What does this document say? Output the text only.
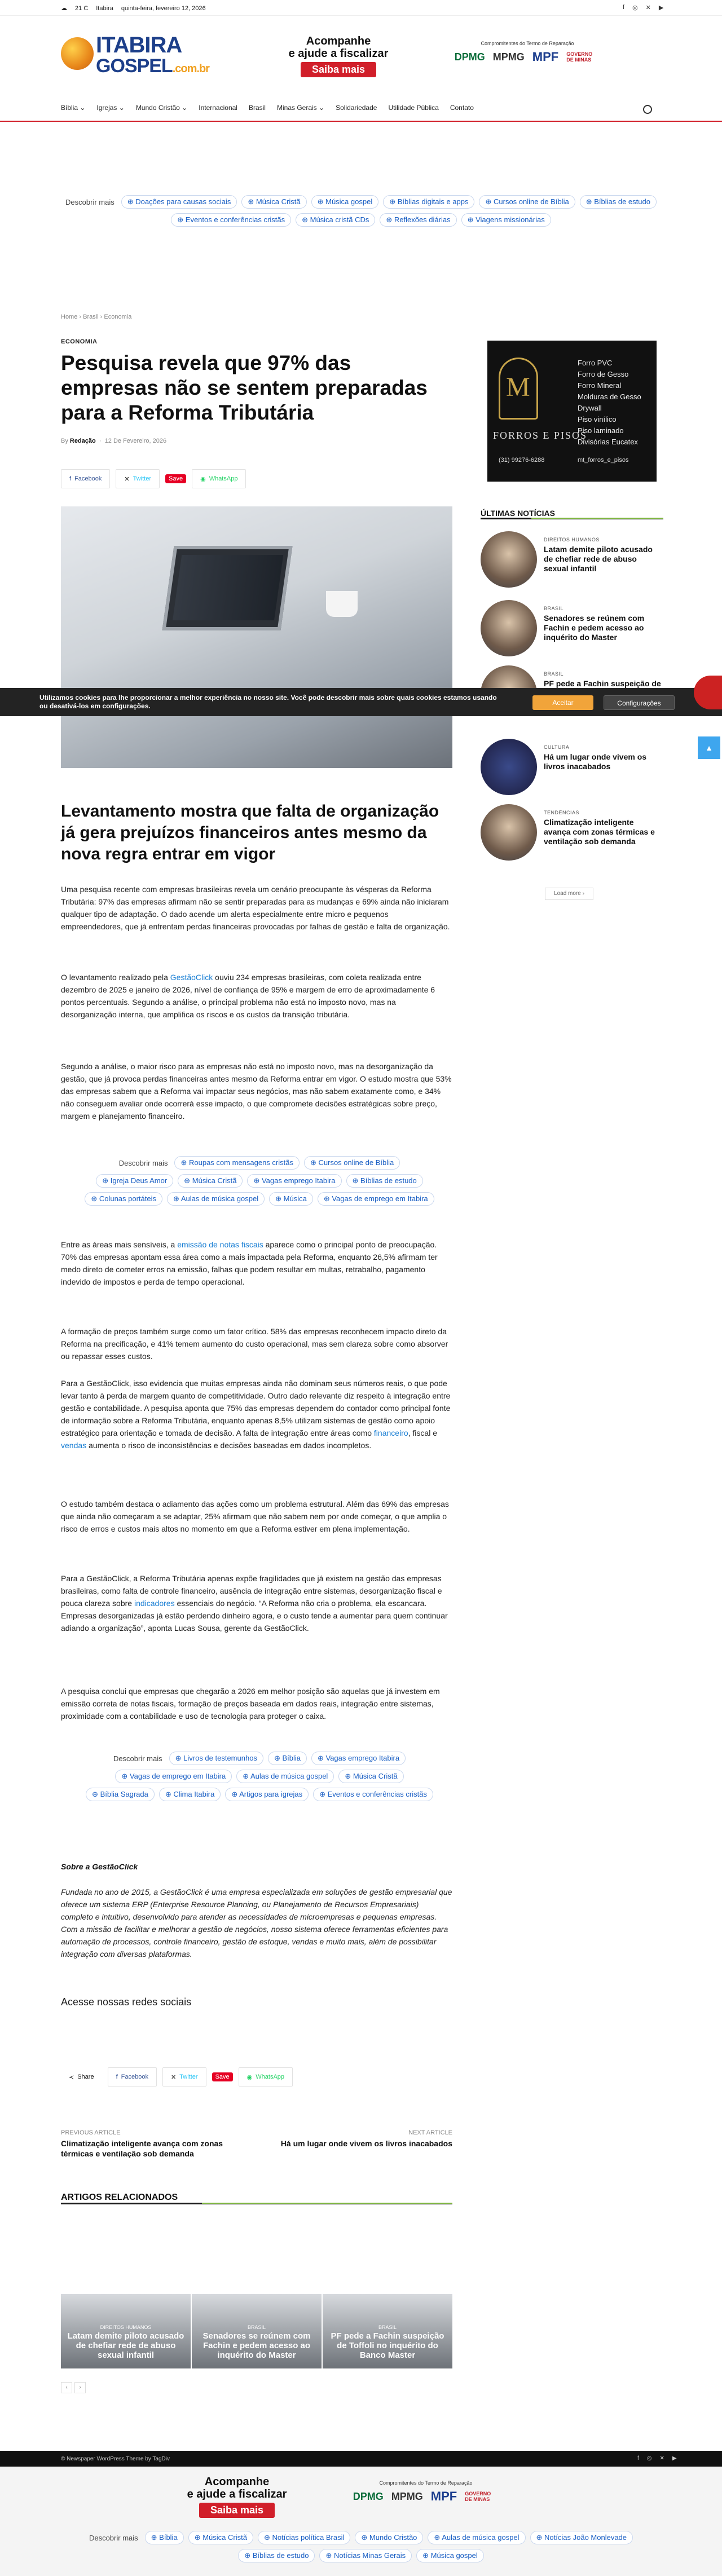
☁ 21 C Itabira quinta-feira, fevereiro 12, 2026	f ◎ ✕ ▶
ITABIRA
GOSPEL.com.br
Acompanhe
e ajude a fiscalizar
Saiba mais
Compromitentes do Termo de Reparação
DPMG MPMG MPF GOVERNO DE MINAS
Bíblia ⌄ Igrejas ⌄ Mundo Cristão ⌄ Internacional Brasil Minas Gerais ⌄ Solidariedade Utilidade Pública Contato
Descobrir mais	⊕ Doações para causas sociais	⊕ Música Cristã	⊕ Música gospel	⊕ Bíblias digitais e apps	⊕ Cursos online de Bíblia	⊕ Bíblias de estudo
⊕ Eventos e conferências cristãs	⊕ Música cristã CDs	⊕ Reflexões diárias	⊕ Viagens missionárias
Home › Brasil › Economia
ECONOMIA
Pesquisa revela que 97% das empresas não se sentem preparadas para a Reforma Tributária
By Redação  ·  12 De Fevereiro, 2026
f Facebook	✕ Twitter	Save	◉ WhatsApp
Utilizamos cookies para lhe proporcionar a melhor experiência no nosso site. Você pode descobrir mais sobre quais cookies estamos usando ou desativá-los em configurações.	Aceitar	Configurações
Levantamento mostra que falta de organização já gera prejuízos financeiros antes mesmo da nova regra entrar em vigor

Uma pesquisa recente com empresas brasileiras revela um cenário preocupante às vésperas da Reforma Tributária: 97% das empresas afirmam não se sentir preparadas para as mudanças e 69% ainda não iniciaram qualquer tipo de adaptação. O dado acende um alerta especialmente entre micro e pequenos empreendedores, que já enfrentam perdas financeiras provocadas por falhas de gestão e falta de organização.

O levantamento realizado pela GestãoClick ouviu 234 empresas brasileiras, com coleta realizada entre dezembro de 2025 e janeiro de 2026, nível de confiança de 95% e margem de erro de aproximadamente 6 pontos percentuais. Segundo a análise, o principal problema não está no imposto novo, mas na desorganização interna, que amplifica os riscos e os custos da transição tributária.

Segundo a análise, o maior risco para as empresas não está no imposto novo, mas na desorganização da gestão, que já provoca perdas financeiras antes mesmo da Reforma entrar em vigor. O estudo mostra que 53% das empresas sabem que a Reforma vai impactar seus negócios, mas não sabem exatamente como, e 34% não conseguem avaliar onde ocorrerá esse impacto, o que compromete decisões estratégicas sobre preço, margem e planejamento financeiro.

Descobrir mais	⊕ Roupas com mensagens cristãs	⊕ Cursos online de Bíblia
⊕ Igreja Deus Amor	⊕ Música Cristã	⊕ Vagas emprego Itabira	⊕ Bíblias de estudo
⊕ Colunas portáteis	⊕ Aulas de música gospel	⊕ Música	⊕ Vagas de emprego em Itabira

Entre as áreas mais sensíveis, a emissão de notas fiscais aparece como o principal ponto de preocupação. 70% das empresas apontam essa área como a mais impactada pela Reforma, enquanto 26,5% afirmam ter medo direto de cometer erros na emissão, falhas que podem resultar em multas, retrabalho, pagamento indevido de impostos e perda de tempo operacional.

A formação de preços também surge como um fator crítico. 58% das empresas reconhecem impacto direto da Reforma na precificação, e 41% temem aumento do custo operacional, mas sem clareza sobre como absorver ou repassar esses custos.

Para a GestãoClick, isso evidencia que muitas empresas ainda não dominam seus números reais, o que pode levar tanto à perda de margem quanto de competitividade. Outro dado relevante diz respeito à integração entre gestão e contabilidade. A pesquisa aponta que 75% das empresas dependem do contador como principal fonte de informação sobre a Reforma Tributária, enquanto apenas 8,5% utilizam sistemas de gestão como apoio estratégico para orientação e tomada de decisão. A falta de integração entre áreas como financeiro, fiscal e vendas aumenta o risco de inconsistências e decisões baseadas em dados incompletos.

O estudo também destaca o adiamento das ações como um problema estrutural. Além das 69% das empresas que ainda não começaram a se adaptar, 25% afirmam que não sabem nem por onde começar, o que amplia o risco de erros e custos mais altos no momento em que a Reforma estiver em plena implementação.

Para a GestãoClick, a Reforma Tributária apenas expõe fragilidades que já existem na gestão das empresas brasileiras, como falta de controle financeiro, ausência de integração entre sistemas, desorganização fiscal e pouca clareza sobre indicadores essenciais do negócio. “A Reforma não cria o problema, ela escancara. Empresas desorganizadas já estão perdendo dinheiro agora, e o custo tende a aumentar para quem continuar adiando a organização”, aponta Lucas Sousa, gerente da GestãoClick.

A pesquisa conclui que empresas que chegarão a 2026 em melhor posição são aquelas que já investem em emissão correta de notas fiscais, formação de preços baseada em dados reais, integração entre sistemas, proximidade com a contabilidade e uso de tecnologia para proteger o caixa.

Descobrir mais	⊕ Livros de testemunhos	⊕ Bíblia	⊕ Vagas emprego Itabira
⊕ Vagas de emprego em Itabira	⊕ Aulas de música gospel	⊕ Música Cristã
⊕ Bíblia Sagrada	⊕ Clima Itabira	⊕ Artigos para igrejas	⊕ Eventos e conferências cristãs
Sobre a GestãoClick

Fundada no ano de 2015, a GestãoClick é uma empresa especializada em soluções de gestão empresarial que oferece um sistema ERP (Enterprise Resource Planning, ou Planejamento de Recursos Empresariais) completo e intuitivo, desenvolvido para atender as necessidades de microempresas e pequenas empresas. Com a missão de facilitar e melhorar a gestão de negócios, nosso sistema oferece ferramentas eficientes para automação de processos, controle financeiro, gestão de estoque, vendas e muito mais, além de possibilitar integração com diversas plataformas.

Acesse nossas redes sociais
≺ Share	f Facebook	✕ Twitter	Save	◉ WhatsApp
PREVIOUS ARTICLE
Climatização inteligente avança com zonas térmicas e ventilação sob demanda
NEXT ARTICLE
Há um lugar onde vivem os livros inacabados
ARTIGOS RELACIONADOS
DIREITOS HUMANOS
Latam demite piloto acusado de chefiar rede de abuso sexual infantil
BRASIL
Senadores se reúnem com Fachin e pedem acesso ao inquérito do Master
BRASIL
PF pede a Fachin suspeição de Toffoli no inquérito do Banco Master
‹	›
M
FORROS E PISOS
Forro PVC
Forro de Gesso
Forro Mineral
Molduras de Gesso
Drywall
Piso vinílico
Piso laminado
Divisórias Eucatex
(31) 99276-6288	mt_forros_e_pisos
ÚLTIMAS NOTÍCIAS
DIREITOS HUMANOS
Latam demite piloto acusado de chefiar rede de abuso sexual infantil
BRASIL
Senadores se reúnem com Fachin e pedem acesso ao inquérito do Master
BRASIL
PF pede a Fachin suspeição de
CULTURA
Há um lugar onde vivem os livros inacabados
TENDÊNCIAS
Climatização inteligente avança com zonas térmicas e ventilação sob demanda
Load more ›
▲
© Newspaper WordPress Theme by TagDiv	f ◎ ✕ ▶
Acompanhe
e ajude a fiscalizar
Saiba mais
Compromitentes do Termo de Reparação
DPMG MPMG MPF GOVERNO DE MINAS
Descobrir mais	⊕ Bíblia	⊕ Música Cristã	⊕ Notícias política Brasil	⊕ Mundo Cristão	⊕ Aulas de música gospel	⊕ Notícias João Monlevade
⊕ Bíblias de estudo	⊕ Notícias Minas Gerais	⊕ Música gospel
